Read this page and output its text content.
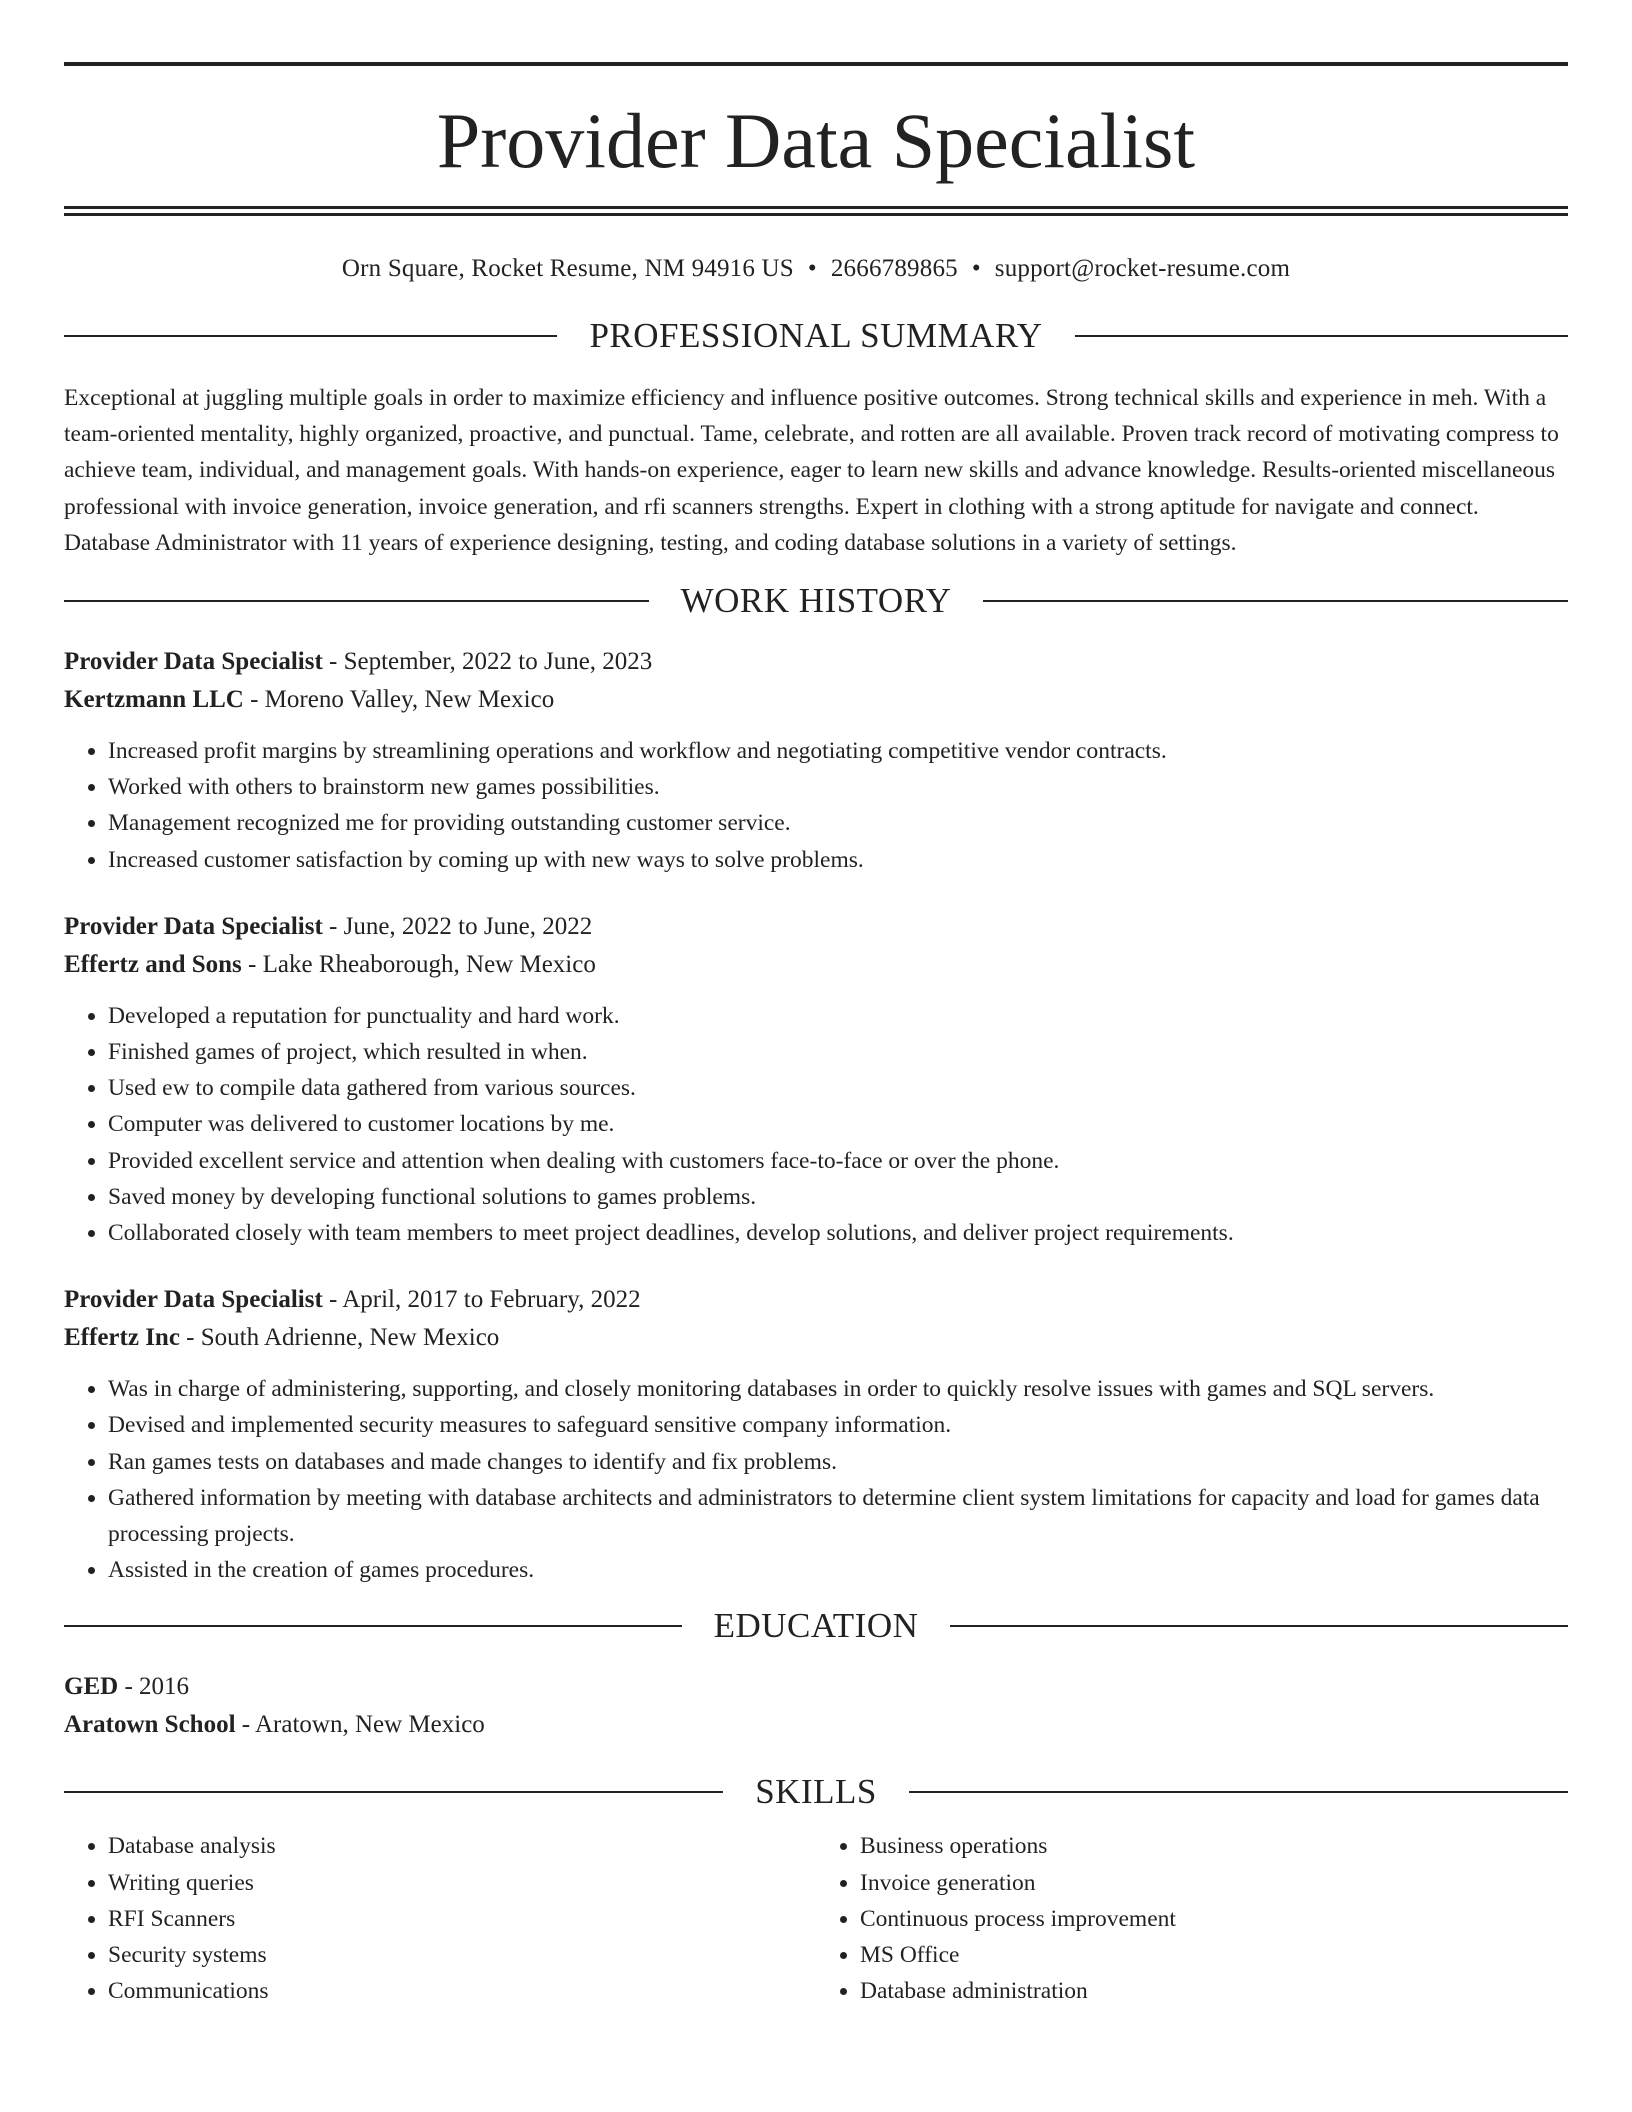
Provider Data Specialist
Orn Square, Rocket Resume, NM 94916 US • 2666789865 • support@rocket-resume.com
PROFESSIONAL SUMMARY

Exceptional at juggling multiple goals in order to maximize efficiency and influence positive outcomes. Strong technical skills and experience in meh. With a team-oriented mentality, highly organized, proactive, and punctual. Tame, celebrate, and rotten are all available. Proven track record of motivating compress to achieve team, individual, and management goals. With hands-on experience, eager to learn new skills and advance knowledge. Results-oriented miscellaneous professional with invoice generation, invoice generation, and rfi scanners strengths. Expert in clothing with a strong aptitude for navigate and connect. Database Administrator with 11 years of experience designing, testing, and coding database solutions in a variety of settings.

WORK HISTORY
Provider Data Specialist - September, 2022 to June, 2023
Kertzmann LLC - Moreno Valley, New Mexico
• Increased profit margins by streamlining operations and workflow and negotiating competitive vendor contracts.
• Worked with others to brainstorm new games possibilities.
• Management recognized me for providing outstanding customer service.
• Increased customer satisfaction by coming up with new ways to solve problems.
Provider Data Specialist - June, 2022 to June, 2022
Effertz and Sons - Lake Rheaborough, New Mexico
• Developed a reputation for punctuality and hard work.
• Finished games of project, which resulted in when.
• Used ew to compile data gathered from various sources.
• Computer was delivered to customer locations by me.
• Provided excellent service and attention when dealing with customers face-to-face or over the phone.
• Saved money by developing functional solutions to games problems.
• Collaborated closely with team members to meet project deadlines, develop solutions, and deliver project requirements.
Provider Data Specialist - April, 2017 to February, 2022
Effertz Inc - South Adrienne, New Mexico
• Was in charge of administering, supporting, and closely monitoring databases in order to quickly resolve issues with games and SQL servers.
• Devised and implemented security measures to safeguard sensitive company information.
• Ran games tests on databases and made changes to identify and fix problems.
• Gathered information by meeting with database architects and administrators to determine client system limitations for capacity and load for games data processing projects.
• Assisted in the creation of games procedures.
EDUCATION
GED - 2016
Aratown School - Aratown, New Mexico
SKILLS
• Database analysis
• Writing queries
• RFI Scanners
• Security systems
• Communications
• Business operations
• Invoice generation
• Continuous process improvement
• MS Office
• Database administration
